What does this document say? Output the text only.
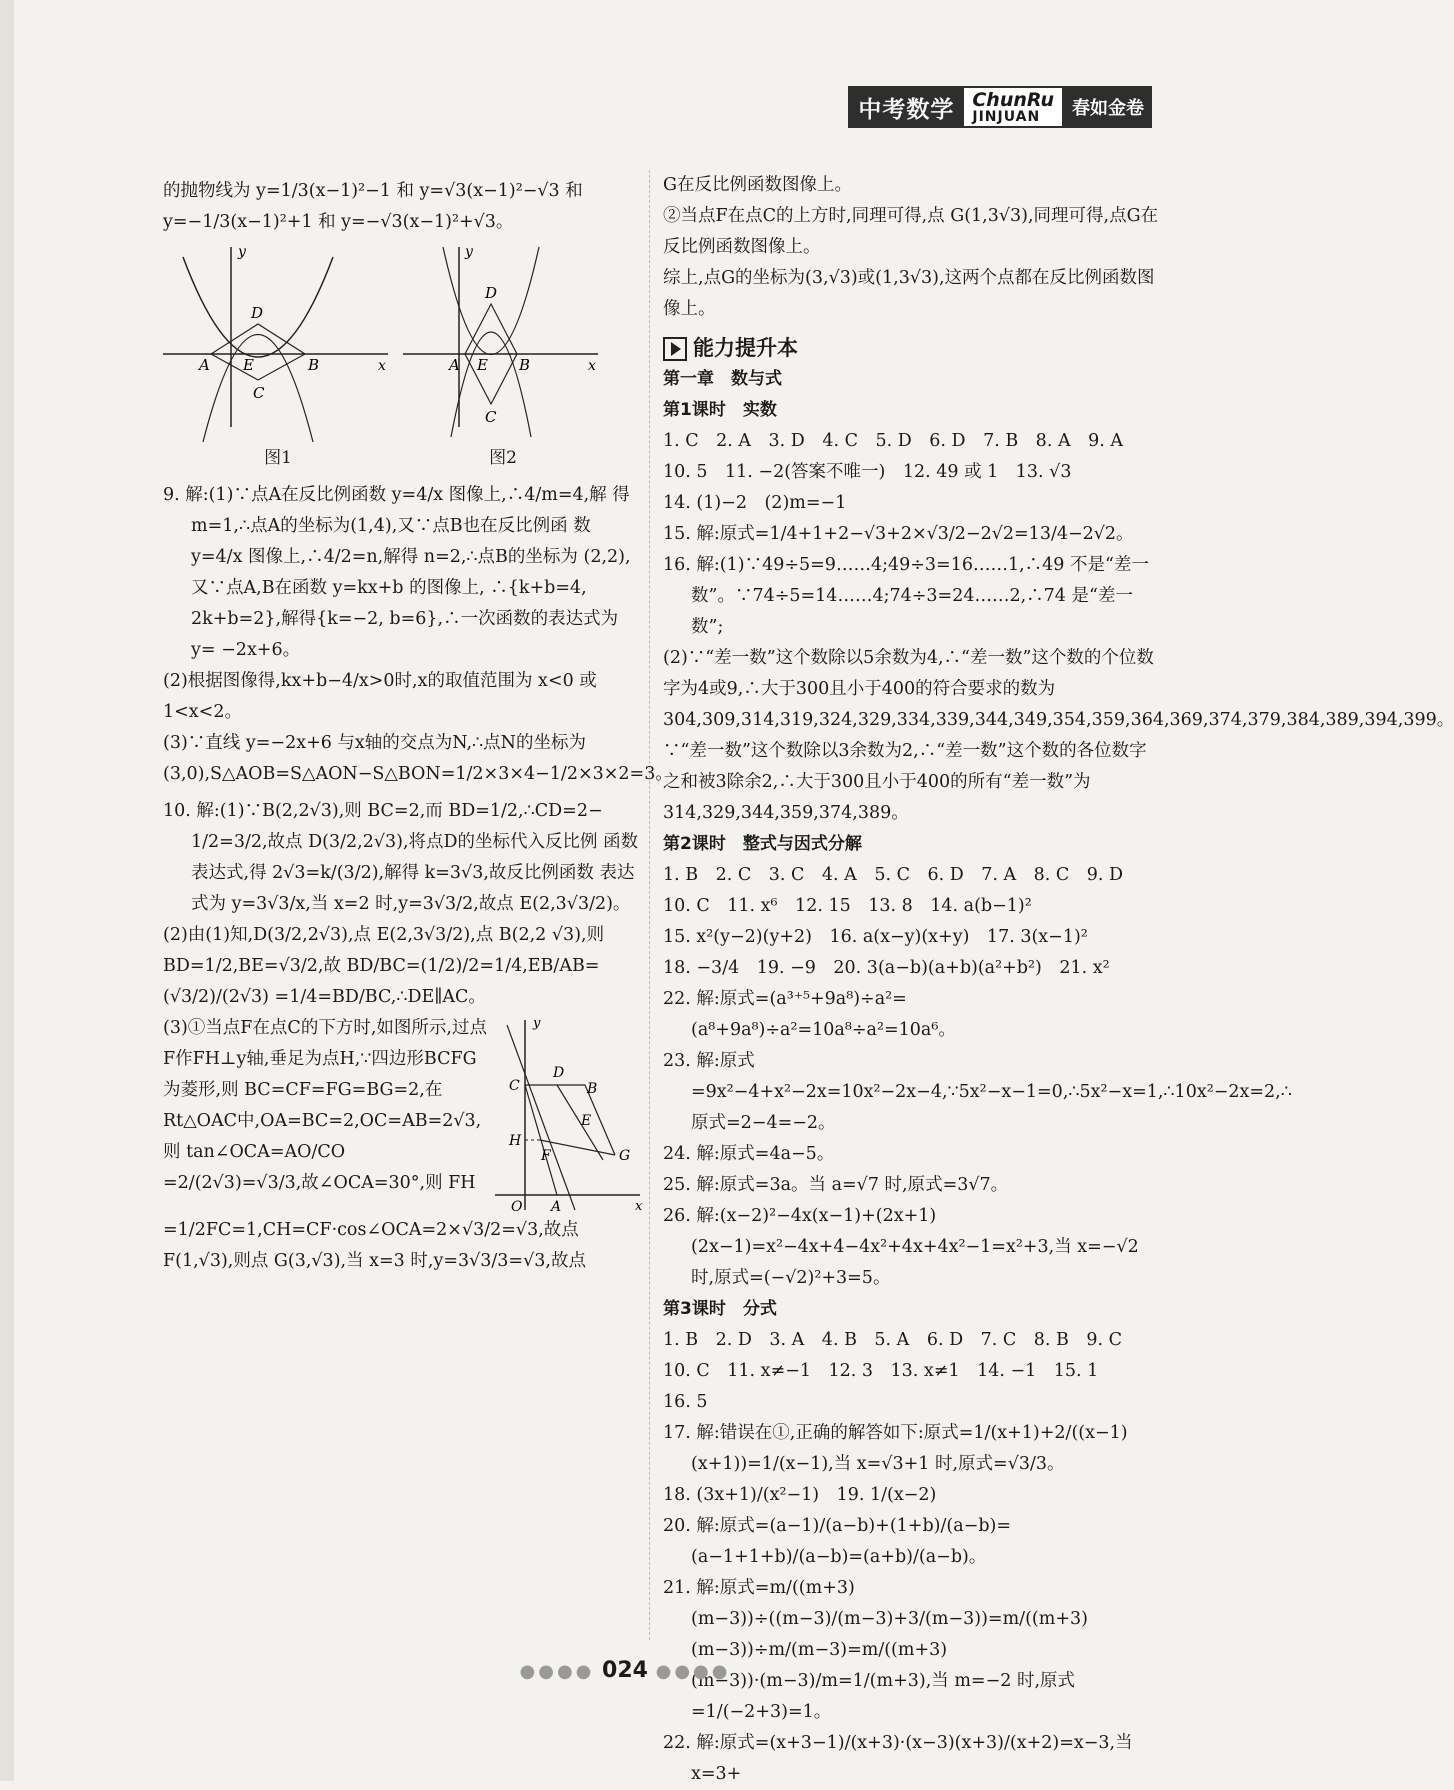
中考数学 ChunRu
JINJUAN	春如金卷

的抛物线为 y=1/3(x−1)²−1 和 y=√3(x−1)²−√3 和

y=−1/3(x−1)²+1 和 y=−√3(x−1)²+√3。

y
x
D
A E	B
C
图1
y
x
D
A E B
C
图2

9. 解:(1)∵点A在反比例函数 y=4/x 图像上,∴4/m=4,解 得 m=1,∴点A的坐标为(1,4),又∵点B也在反比例函 数 y=4/x 图像上,∴4/2=n,解得 n=2,∴点B的坐标为 (2,2),又∵点A,B在函数 y=kx+b 的图像上, ∴{k+b=4, 2k+b=2},解得{k=−2, b=6},∴一次函数的表达式为 y= −2x+6。

(2)根据图像得,kx+b−4/x>0时,x的取值范围为 x<0 或 1<x<2。

(3)∵直线 y=−2x+6 与x轴的交点为N,∴点N的坐标为(3,0),S△AOB=S△AON−S△BON=1/2×3×4−1/2×3×2=3。

10. 解:(1)∵B(2,2√3),则 BC=2,而 BD=1/2,∴CD=2− 1/2=3/2,故点 D(3/2,2√3),将点D的坐标代入反比例 函数表达式,得 2√3=k/(3/2),解得 k=3√3,故反比例函数 表达式为 y=3√3/x,当 x=2 时,y=3√3/2,故点 E(2,3√3/2)。

(2)由(1)知,D(3/2,2√3),点 E(2,3√3/2),点 B(2,2 √3),则 BD=1/2,BE=√3/2,故 BD/BC=(1/2)/2=1/4,EB/AB=(√3/2)/(2√3) =1/4=BD/BC,∴DE∥AC。

y
x
C
D
B
E
G
H
F
O A

(3)①当点F在点C的下方时,如图所示,过点F作FH⊥y轴,垂足为点H,∵四边形BCFG为菱形,则 BC=CF=FG=BG=2,在 Rt△OAC中,OA=BC=2,OC=AB=2√3,则 tan∠OCA=AO/CO

=2/(2√3)=√3/3,故∠OCA=30°,则 FH

=1/2FC=1,CH=CF·cos∠OCA=2×√3/2=√3,故点

F(1,√3),则点 G(3,√3),当 x=3 时,y=3√3/3=√3,故点

G在反比例函数图像上。

②当点F在点C的上方时,同理可得,点 G(1,3√3),同理可得,点G在反比例函数图像上。

综上,点G的坐标为(3,√3)或(1,3√3),这两个点都在反比例函数图像上。

能力提升本

第一章　数与式

第1课时　实数

1. C　2. A　3. D　4. C　5. D　6. D　7. B　8. A　9. A

10. 5　11. −2(答案不唯一)　12. 49 或 1　13. √3

14. (1)−2　(2)m=−1

15. 解:原式=1/4+1+2−√3+2×√3/2−2√2=13/4−2√2。

16. 解:(1)∵49÷5=9……4;49÷3=16……1,∴49 不是“差一数”。∵74÷5=14……4;74÷3=24……2,∴74 是“差一数”;

(2)∵“差一数”这个数除以5余数为4,∴“差一数”这个数的个位数字为4或9,∴大于300且小于400的符合要求的数为 304,309,314,319,324,329,334,339,344,349,354,359,364,369,374,379,384,389,394,399。∵“差一数”这个数除以3余数为2,∴“差一数”这个数的各位数字之和被3除余2,∴大于300且小于400的所有“差一数”为 314,329,344,359,374,389。

第2课时　整式与因式分解

1. B　2. C　3. C　4. A　5. C　6. D　7. A　8. C　9. D

10. C　11. x⁶　12. 15　13. 8　14. a(b−1)²

15. x²(y−2)(y+2)　16. a(x−y)(x+y)　17. 3(x−1)²

18. −3/4　19. −9　20. 3(a−b)(a+b)(a²+b²)　21. x²

22. 解:原式=(a³⁺⁵+9a⁸)÷a²=(a⁸+9a⁸)÷a²=10a⁸÷a²=10a⁶。

23. 解:原式=9x²−4+x²−2x=10x²−2x−4,∵5x²−x−1=0,∴5x²−x=1,∴10x²−2x=2,∴原式=2−4=−2。

24. 解:原式=4a−5。

25. 解:原式=3a。当 a=√7 时,原式=3√7。

26. 解:(x−2)²−4x(x−1)+(2x+1)(2x−1)=x²−4x+4−4x²+4x+4x²−1=x²+3,当 x=−√2 时,原式=(−√2)²+3=5。

第3课时　分式

1. B　2. D　3. A　4. B　5. A　6. D　7. C　8. B　9. C

10. C　11. x≠−1　12. 3　13. x≠1　14. −1　15. 1

16. 5

17. 解:错误在①,正确的解答如下:原式=1/(x+1)+2/((x−1)(x+1))=1/(x−1),当 x=√3+1 时,原式=√3/3。

18. (3x+1)/(x²−1)　19. 1/(x−2)

20. 解:原式=(a−1)/(a−b)+(1+b)/(a−b)=(a−1+1+b)/(a−b)=(a+b)/(a−b)。

21. 解:原式=m/((m+3)(m−3))÷((m−3)/(m−3)+3/(m−3))=m/((m+3)(m−3))÷m/(m−3)=m/((m+3)(m−3))·(m−3)/m=1/(m+3),当 m=−2 时,原式=1/(−2+3)=1。

22. 解:原式=(x+3−1)/(x+3)·(x−3)(x+3)/(x+2)=x−3,当 x=3+

●●●● 024 ●●●●
